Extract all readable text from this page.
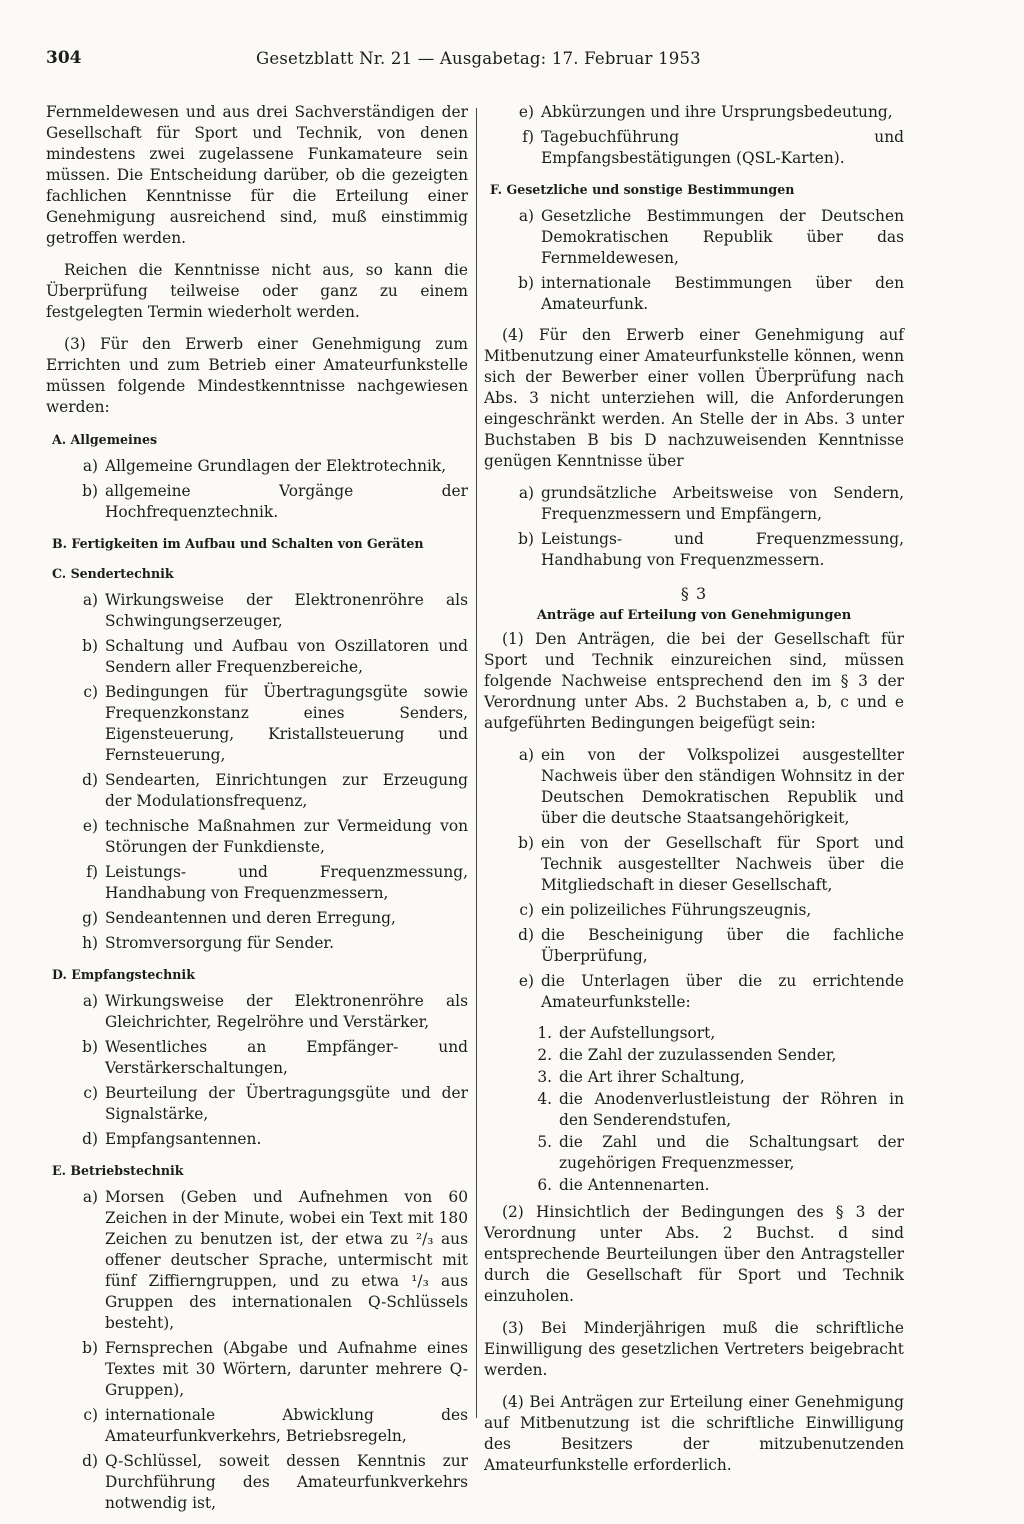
304	Gesetzblatt Nr. 21 — Ausgabetag: 17. Februar 1953

Fernmeldewesen und aus drei Sachverständigen der Gesellschaft für Sport und Technik, von denen mindestens zwei zugelassene Funkamateure sein müssen. Die Entscheidung darüber, ob die gezeigten fachlichen Kenntnisse für die Erteilung einer Genehmigung ausreichend sind, muß einstimmig getroffen werden.

Reichen die Kenntnisse nicht aus, so kann die Überprüfung teilweise oder ganz zu einem festgelegten Termin wiederholt werden.

(3) Für den Erwerb einer Genehmigung zum Errichten und zum Betrieb einer Amateurfunkstelle müssen folgende Mindestkenntnisse nachgewiesen werden:

A. Allgemeines
a) Allgemeine Grundlagen der Elektrotechnik,
b) allgemeine Vorgänge der Hochfrequenztechnik.
B. Fertigkeiten im Aufbau und Schalten von Geräten
C. Sendertechnik
a) Wirkungsweise der Elektronenröhre als Schwingungserzeuger,
b) Schaltung und Aufbau von Oszillatoren und Sendern aller Frequenzbereiche,
c) Bedingungen für Übertragungsgüte sowie Frequenzkonstanz eines Senders, Eigensteuerung, Kristallsteuerung und Fernsteuerung,
d) Sendearten, Einrichtungen zur Erzeugung der Modulationsfrequenz,
e) technische Maßnahmen zur Vermeidung von Störungen der Funkdienste,
f) Leistungs- und Frequenzmessung, Handhabung von Frequenzmessern,
g) Sendeantennen und deren Erregung,
h) Stromversorgung für Sender.
D. Empfangstechnik
a) Wirkungsweise der Elektronenröhre als Gleichrichter, Regelröhre und Verstärker,
b) Wesentliches an Empfänger- und Verstärkerschaltungen,
c) Beurteilung der Übertragungsgüte und der Signalstärke,
d) Empfangsantennen.
E. Betriebstechnik
a) Morsen (Geben und Aufnehmen von 60 Zeichen in der Minute, wobei ein Text mit 180 Zeichen zu benutzen ist, der etwa zu ²/₃ aus offener deutscher Sprache, untermischt mit fünf Ziffierngruppen, und zu etwa ¹/₃ aus Gruppen des internationalen Q-Schlüssels besteht),
b) Fernsprechen (Abgabe und Aufnahme eines Textes mit 30 Wörtern, darunter mehrere Q-Gruppen),
c) internationale Abwicklung des Amateurfunkverkehrs, Betriebsregeln,
d) Q-Schlüssel, soweit dessen Kenntnis zur Durchführung des Amateurfunkverkehrs notwendig ist,
e) Abkürzungen und ihre Ursprungsbedeutung,
f) Tagebuchführung und Empfangsbestätigungen (QSL-Karten).
F. Gesetzliche und sonstige Bestimmungen
a) Gesetzliche Bestimmungen der Deutschen Demokratischen Republik über das Fernmeldewesen,
b) internationale Bestimmungen über den Amateurfunk.

(4) Für den Erwerb einer Genehmigung auf Mitbenutzung einer Amateurfunkstelle können, wenn sich der Bewerber einer vollen Überprüfung nach Abs. 3 nicht unterziehen will, die Anforderungen eingeschränkt werden. An Stelle der in Abs. 3 unter Buchstaben B bis D nachzuweisenden Kenntnisse genügen Kenntnisse über

a) grundsätzliche Arbeitsweise von Sendern, Frequenzmessern und Empfängern,
b) Leistungs- und Frequenzmessung, Handhabung von Frequenzmessern.
§ 3
Anträge auf Erteilung von Genehmigungen

(1) Den Anträgen, die bei der Gesellschaft für Sport und Technik einzureichen sind, müssen folgende Nachweise entsprechend den im § 3 der Verordnung unter Abs. 2 Buchstaben a, b, c und e aufgeführten Bedingungen beigefügt sein:

a) ein von der Volkspolizei ausgestellter Nachweis über den ständigen Wohnsitz in der Deutschen Demokratischen Republik und über die deutsche Staatsangehörigkeit,
b) ein von der Gesellschaft für Sport und Technik ausgestellter Nachweis über die Mitgliedschaft in dieser Gesellschaft,
c) ein polizeiliches Führungszeugnis,
d) die Bescheinigung über die fachliche Überprüfung,
e) die Unterlagen über die zu errichtende Amateurfunkstelle:
1. der Aufstellungsort,
2. die Zahl der zuzulassenden Sender,
3. die Art ihrer Schaltung,
4. die Anodenverlustleistung der Röhren in den Senderendstufen,
5. die Zahl und die Schaltungsart der zugehörigen Frequenzmesser,
6. die Antennenarten.

(2) Hinsichtlich der Bedingungen des § 3 der Verordnung unter Abs. 2 Buchst. d sind entsprechende Beurteilungen über den Antragsteller durch die Gesellschaft für Sport und Technik einzuholen.

(3) Bei Minderjährigen muß die schriftliche Einwilligung des gesetzlichen Vertreters beigebracht werden.

(4) Bei Anträgen zur Erteilung einer Genehmigung auf Mitbenutzung ist die schriftliche Einwilligung des Besitzers der mitzubenutzenden Amateurfunkstelle erforderlich.
